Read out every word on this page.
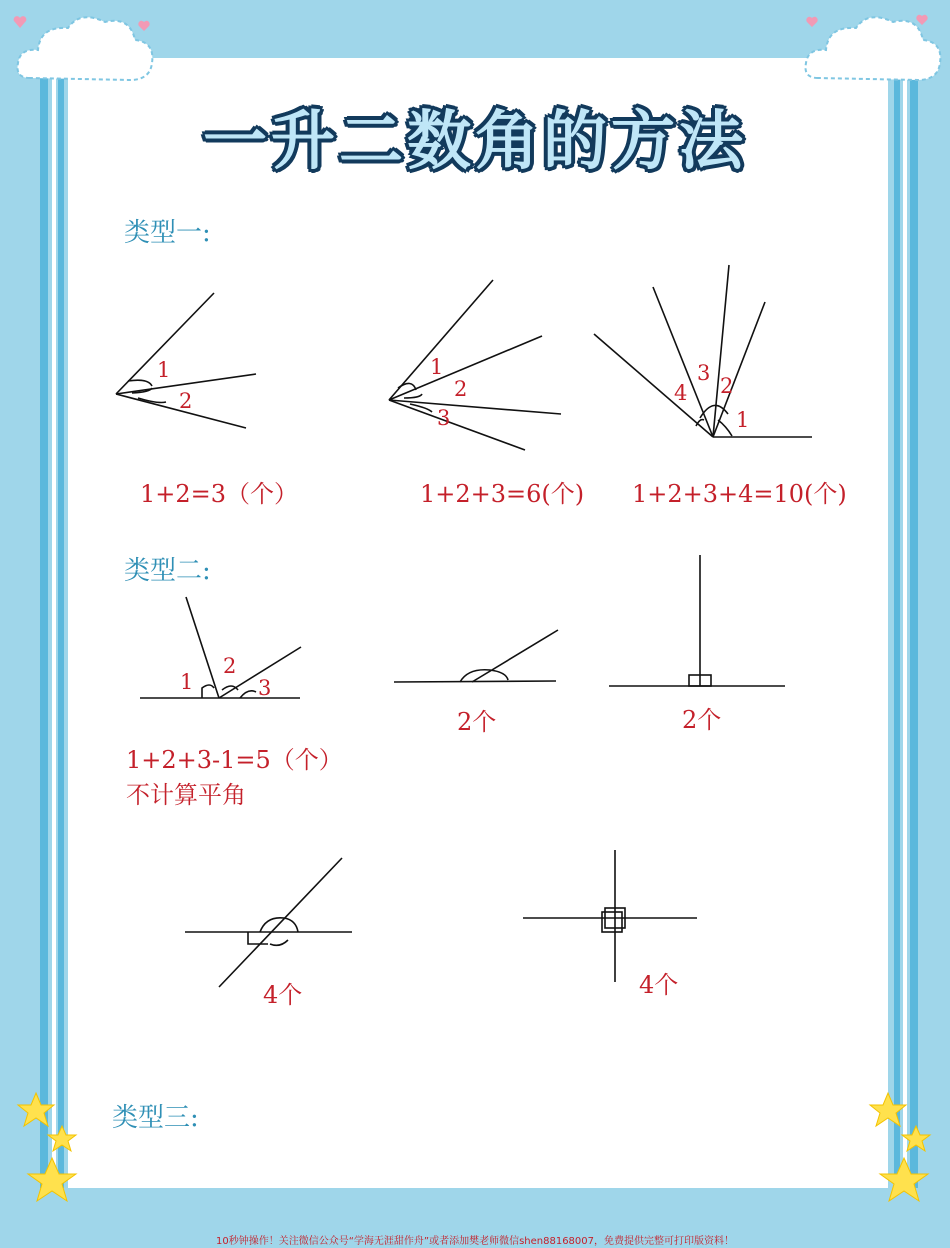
一升二数角的方法
类型一:
1
2
1
2
3	1
2
3
4
1+2=3（个）	1+2+3=6(个) 1+2+3+4=10(个)
类型二:
1
2
3
1+2+3-1=5（个）
不计算平角
2个	2个
4个	4个
类型三:
10秒钟操作！关注微信公众号“学海无涯甜作舟”或者添加樊老师微信shen88168007，免费提供完整可打印版资料！
